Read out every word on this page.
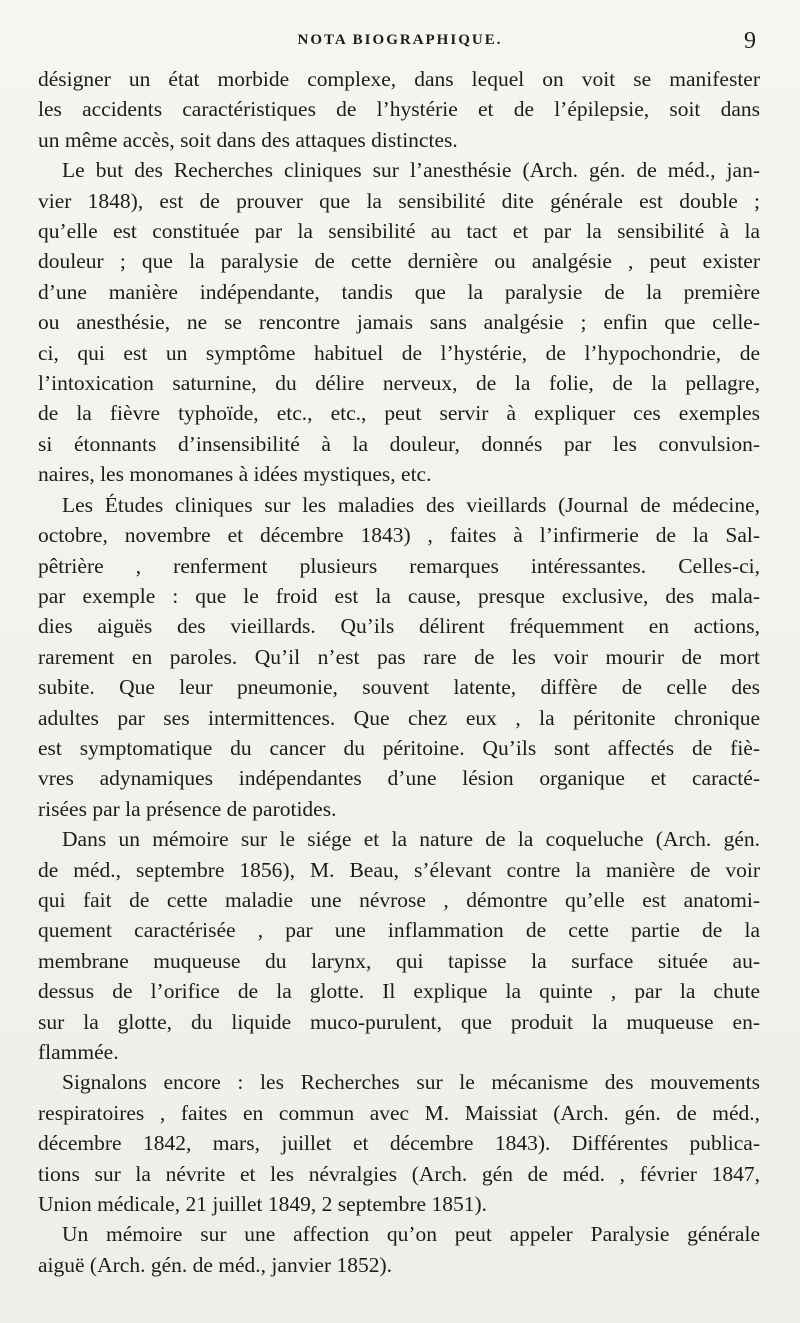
NOTA BIOGRAPHIQUE.	9
désigner un état morbide complexe, dans lequel on voit se manifester
les accidents caractéristiques de l’hystérie et de l’épilepsie, soit dans
un même accès, soit dans des attaques distinctes.
Le but des Recherches cliniques sur l’anesthésie (Arch. gén. de méd., jan-
vier 1848), est de prouver que la sensibilité dite générale est double ;
qu’elle est constituée par la sensibilité au tact et par la sensibilité à la
douleur ; que la paralysie de cette dernière ou analgésie , peut exister
d’une manière indépendante, tandis que la paralysie de la première
ou anesthésie, ne se rencontre jamais sans analgésie ; enfin que celle-
ci, qui est un symptôme habituel de l’hystérie, de l’hypochondrie, de
l’intoxication saturnine, du délire nerveux, de la folie, de la pellagre,
de la fièvre typhoïde, etc., etc., peut servir à expliquer ces exemples
si étonnants d’insensibilité à la douleur, donnés par les convulsion-
naires, les monomanes à idées mystiques, etc.
Les Études cliniques sur les maladies des vieillards (Journal de médecine,
octobre, novembre et décembre 1843) , faites à l’infirmerie de la Sal-
pêtrière , renferment plusieurs remarques intéressantes. Celles-ci,
par exemple : que le froid est la cause, presque exclusive, des mala-
dies aiguës des vieillards. Qu’ils délirent fréquemment en actions,
rarement en paroles. Qu’il n’est pas rare de les voir mourir de mort
subite. Que leur pneumonie, souvent latente, diffère de celle des
adultes par ses intermittences. Que chez eux , la péritonite chronique
est symptomatique du cancer du péritoine. Qu’ils sont affectés de fiè-
vres adynamiques indépendantes d’une lésion organique et caracté-
risées par la présence de parotides.
Dans un mémoire sur le siége et la nature de la coqueluche (Arch. gén.
de méd., septembre 1856), M. Beau, s’élevant contre la manière de voir
qui fait de cette maladie une névrose , démontre qu’elle est anatomi-
quement caractérisée , par une inflammation de cette partie de la
membrane muqueuse du larynx, qui tapisse la surface située au-
dessus de l’orifice de la glotte. Il explique la quinte , par la chute
sur la glotte, du liquide muco-purulent, que produit la muqueuse en-
flammée.
Signalons encore : les Recherches sur le mécanisme des mouvements
respiratoires , faites en commun avec M. Maissiat (Arch. gén. de méd.,
décembre 1842, mars, juillet et décembre 1843). Différentes publica-
tions sur la névrite et les névralgies (Arch. gén de méd. , février 1847,
Union médicale, 21 juillet 1849, 2 septembre 1851).
Un mémoire sur une affection qu’on peut appeler Paralysie générale
aiguë (Arch. gén. de méd., janvier 1852).
